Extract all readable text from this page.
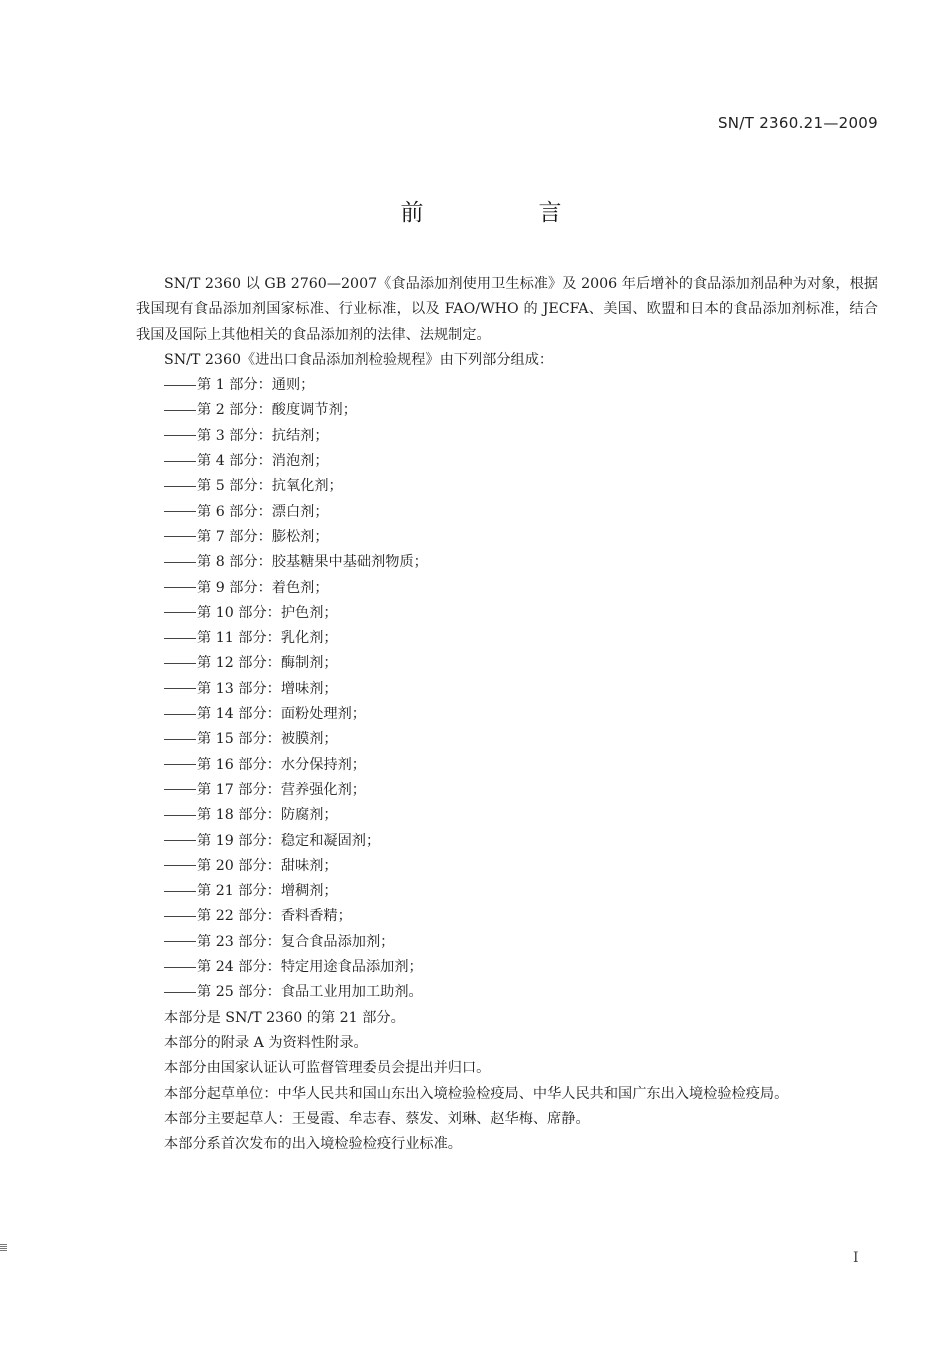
SN/T 2360.21—2009
前　言

SN/T 2360 以 GB 2760—2007《食品添加剂使用卫生标准》及 2006 年后增补的食品添加剂品种为对象，根据我国现有食品添加剂国家标准、行业标准，以及 FAO/WHO 的 JECFA、美国、欧盟和日本的食品添加剂标准，结合我国及国际上其他相关的食品添加剂的法律、法规制定。

SN/T 2360《进出口食品添加剂检验规程》由下列部分组成：

第 1 部分：通则；
第 2 部分：酸度调节剂；
第 3 部分：抗结剂；
第 4 部分：消泡剂；
第 5 部分：抗氧化剂；
第 6 部分：漂白剂；
第 7 部分：膨松剂；
第 8 部分：胶基糖果中基础剂物质；
第 9 部分：着色剂；
第 10 部分：护色剂；
第 11 部分：乳化剂；
第 12 部分：酶制剂；
第 13 部分：增味剂；
第 14 部分：面粉处理剂；
第 15 部分：被膜剂；
第 16 部分：水分保持剂；
第 17 部分：营养强化剂；
第 18 部分：防腐剂；
第 19 部分：稳定和凝固剂；
第 20 部分：甜味剂；
第 21 部分：增稠剂；
第 22 部分：香料香精；
第 23 部分：复合食品添加剂；
第 24 部分：特定用途食品添加剂；
第 25 部分：食品工业用加工助剂。

本部分是 SN/T 2360 的第 21 部分。

本部分的附录 A 为资料性附录。

本部分由国家认证认可监督管理委员会提出并归口。

本部分起草单位：中华人民共和国山东出入境检验检疫局、中华人民共和国广东出入境检验检疫局。

本部分主要起草人：王曼霞、牟志春、蔡发、刘琳、赵华梅、席静。

本部分系首次发布的出入境检验检疫行业标准。

I
